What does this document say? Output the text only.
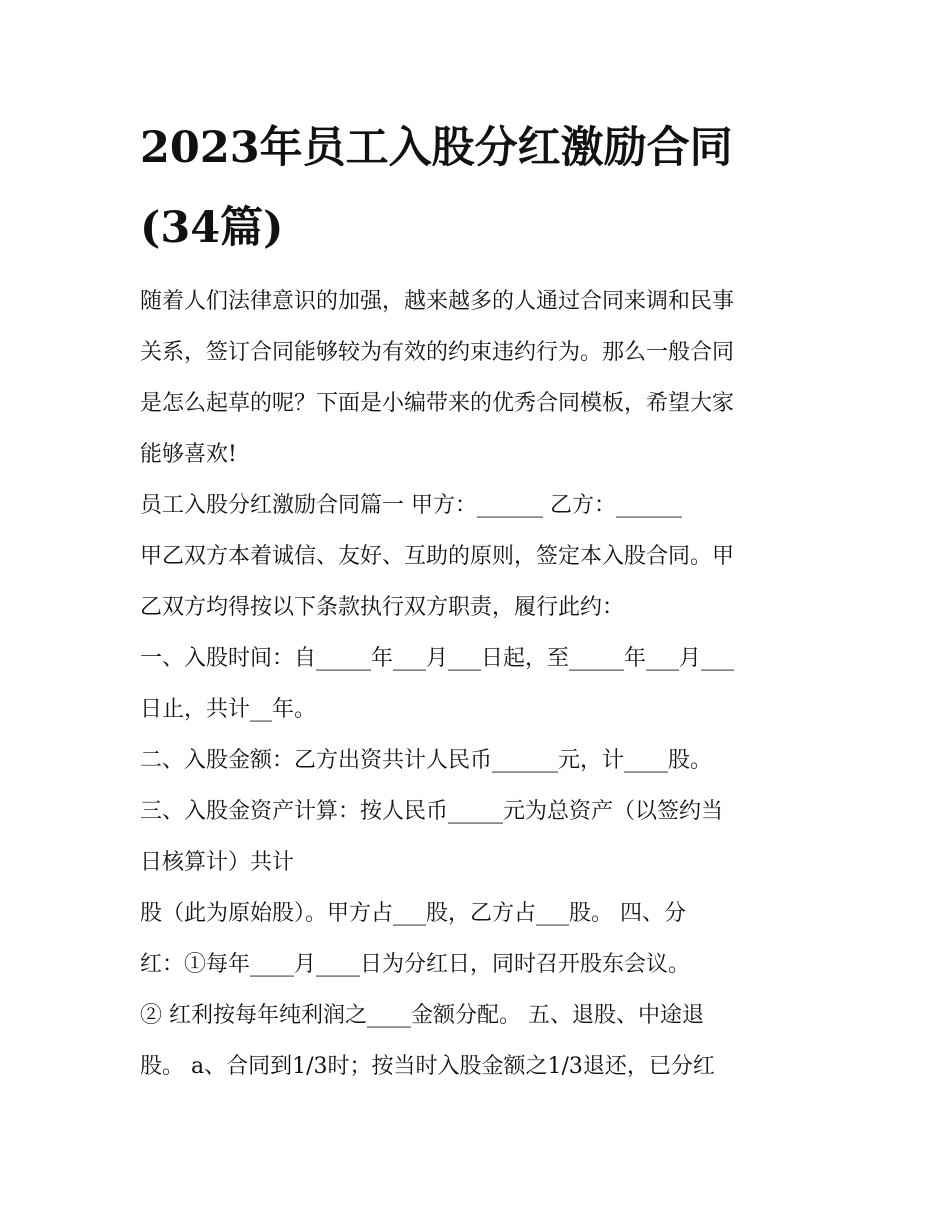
2023年员工入股分红激励合同
(34篇)
随着人们法律意识的加强，越来越多的人通过合同来调和民事
关系，签订合同能够较为有效的约束违约行为。那么一般合同
是怎么起草的呢？下面是小编带来的优秀合同模板，希望大家
能够喜欢!
员工入股分红激励合同篇一 甲方：______ 乙方：______
甲乙双方本着诚信、友好、互助的原则，签定本入股合同。甲
乙双方均得按以下条款执行双方职责，履行此约：
一、入股时间：自_____年___月___日起，至_____年___月___
日止，共计__年。
二、入股金额：乙方出资共计人民币______元，计____股。
三、入股金资产计算：按人民币_____元为总资产（以签约当
日核算计）共计
股（此为原始股）。甲方占___股，乙方占___股。 四、分
红：①每年____月____日为分红日，同时召开股东会议。
② 红利按每年纯利润之____金额分配。 五、退股、中途退
股。 a、合同到1/3时；按当时入股金额之1/3退还，已分红
